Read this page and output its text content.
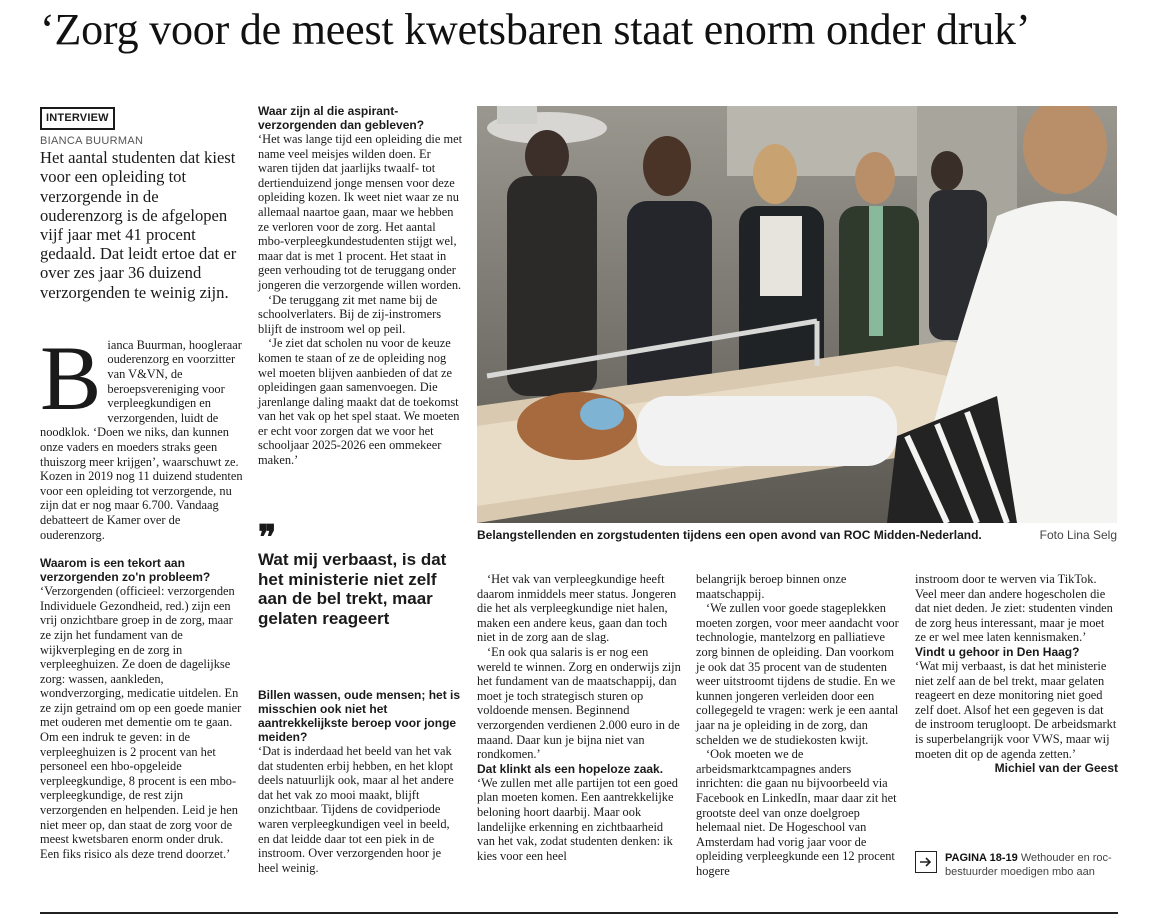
‘Zorg voor de meest kwetsbaren staat enorm onder druk’
INTERVIEW
BIANCA BUURMAN

Het aantal studenten dat kiest voor een opleiding tot verzorgende in de ouderenzorg is de afgelopen vijf jaar met 41 procent gedaald. Dat leidt ertoe dat er over zes jaar 36 duizend verzorgenden te weinig zijn.

Bianca Buurman, hoogleraar ouderenzorg en voorzitter van V&VN, de beroepsvereniging voor verpleegkundigen en verzorgenden, luidt de noodklok. ‘Doen we niks, dan kunnen onze vaders en moeders straks geen thuiszorg meer krijgen’, waarschuwt ze. Kozen in 2019 nog 11 duizend studenten voor een opleiding tot verzorgende, nu zijn dat er nog maar 6.700. Vandaag debatteert de Kamer over de ouderenzorg.

Waarom is een tekort aan verzorgenden zo'n probleem?

‘Verzorgenden (officieel: verzorgenden Individuele Gezondheid, red.) zijn een vrij onzichtbare groep in de zorg, maar ze zijn het fundament van de wijkverpleging en de zorg in verpleeghuizen. Ze doen de dagelijkse zorg: wassen, aankleden, wondverzorging, medicatie uitdelen. En ze zijn getraind om op een goede manier met ouderen met dementie om te gaan. Om een indruk te geven: in de verpleeghuizen is 2 procent van het personeel een hbo-opgeleide verpleegkundige, 8 procent is een mbo-verpleegkundige, de rest zijn verzorgenden en helpenden. Leid je hen niet meer op, dan staat de zorg voor de meest kwetsbaren enorm onder druk. Een fiks risico als deze trend doorzet.’

Waar zijn al die aspirant-verzorgenden dan gebleven?

‘Het was lange tijd een opleiding die met name veel meisjes wilden doen. Er waren tijden dat jaarlijks twaalf- tot dertienduizend jonge mensen voor deze opleiding kozen. Ik weet niet waar ze nu allemaal naartoe gaan, maar we hebben ze verloren voor de zorg. Het aantal mbo-verpleegkundestudenten stijgt wel, maar dat is met 1 procent. Het staat in geen verhouding tot de teruggang onder jongeren die verzorgende willen worden.

‘De teruggang zit met name bij de schoolverlaters. Bij de zij-instromers blijft de instroom wel op peil.

‘Je ziet dat scholen nu voor de keuze komen te staan of ze de opleiding nog wel moeten blijven aanbieden of dat ze opleidingen gaan samenvoegen. Die jarenlange daling maakt dat de toekomst van het vak op het spel staat. We moeten er echt voor zorgen dat we voor het schooljaar 2025-2026 een ommekeer maken.’

❞
Wat mij verbaast, is dat het ministerie niet zelf aan de bel trekt, maar gelaten reageert

Billen wassen, oude mensen; het is misschien ook niet het aantrekkelijkste beroep voor jonge meiden?

‘Dat is inderdaad het beeld van het vak dat studenten erbij hebben, en het klopt deels natuurlijk ook, maar al het andere dat het vak zo mooi maakt, blijft onzichtbaar. Tijdens de covidperiode waren verpleegkundigen veel in beeld, en dat leidde daar tot een piek in de instroom. Over verzorgenden hoor je heel weinig.

Belangstellenden en zorgstudenten tijdens een open avond van ROC Midden-Nederland.	Foto Lina Selg

‘Het vak van verpleegkundige heeft daarom inmiddels meer status. Jongeren die het als verpleegkundige niet halen, maken een andere keus, gaan dan toch niet in de zorg aan de slag.

‘En ook qua salaris is er nog een wereld te winnen. Zorg en onderwijs zijn het fundament van de maatschappij, dan moet je toch strategisch sturen op voldoende mensen. Beginnend verzorgenden verdienen 2.000 euro in de maand. Daar kun je bijna niet van rondkomen.’

Dat klinkt als een hopeloze zaak.

‘We zullen met alle partijen tot een goed plan moeten komen. Een aantrekkelijke beloning hoort daarbij. Maar ook landelijke erkenning en zichtbaarheid van het vak, zodat studenten denken: ik kies voor een heel

belangrijk beroep binnen onze maatschappij.

‘We zullen voor goede stageplekken moeten zorgen, voor meer aandacht voor technologie, mantelzorg en palliatieve zorg binnen de opleiding. Dan voorkom je ook dat 35 procent van de studenten weer uitstroomt tijdens de studie. En we kunnen jongeren verleiden door een collegegeld te vragen: werk je een aantal jaar na je opleiding in de zorg, dan schelden we de studiekosten kwijt.

‘Ook moeten we de arbeidsmarktcampagnes anders inrichten: die gaan nu bijvoorbeeld via Facebook en LinkedIn, maar daar zit het grootste deel van onze doelgroep helemaal niet. De Hogeschool van Amsterdam had vorig jaar voor de opleiding verpleegkunde een 12 procent hogere

instroom door te werven via TikTok. Veel meer dan andere hogescholen die dat niet deden. Je ziet: studenten vinden de zorg heus interessant, maar je moet ze er wel mee laten kennismaken.’

Vindt u gehoor in Den Haag?

‘Wat mij verbaast, is dat het ministerie niet zelf aan de bel trekt, maar gelaten reageert en deze monitoring niet goed zelf doet. Alsof het een gegeven is dat de instroom terugloopt. De arbeidsmarkt is superbelangrijk voor VWS, maar wij moeten dit op de agenda zetten.’

Michiel van der Geest

PAGINA 18-19 Wethouder en roc-bestuurder moedigen mbo aan
